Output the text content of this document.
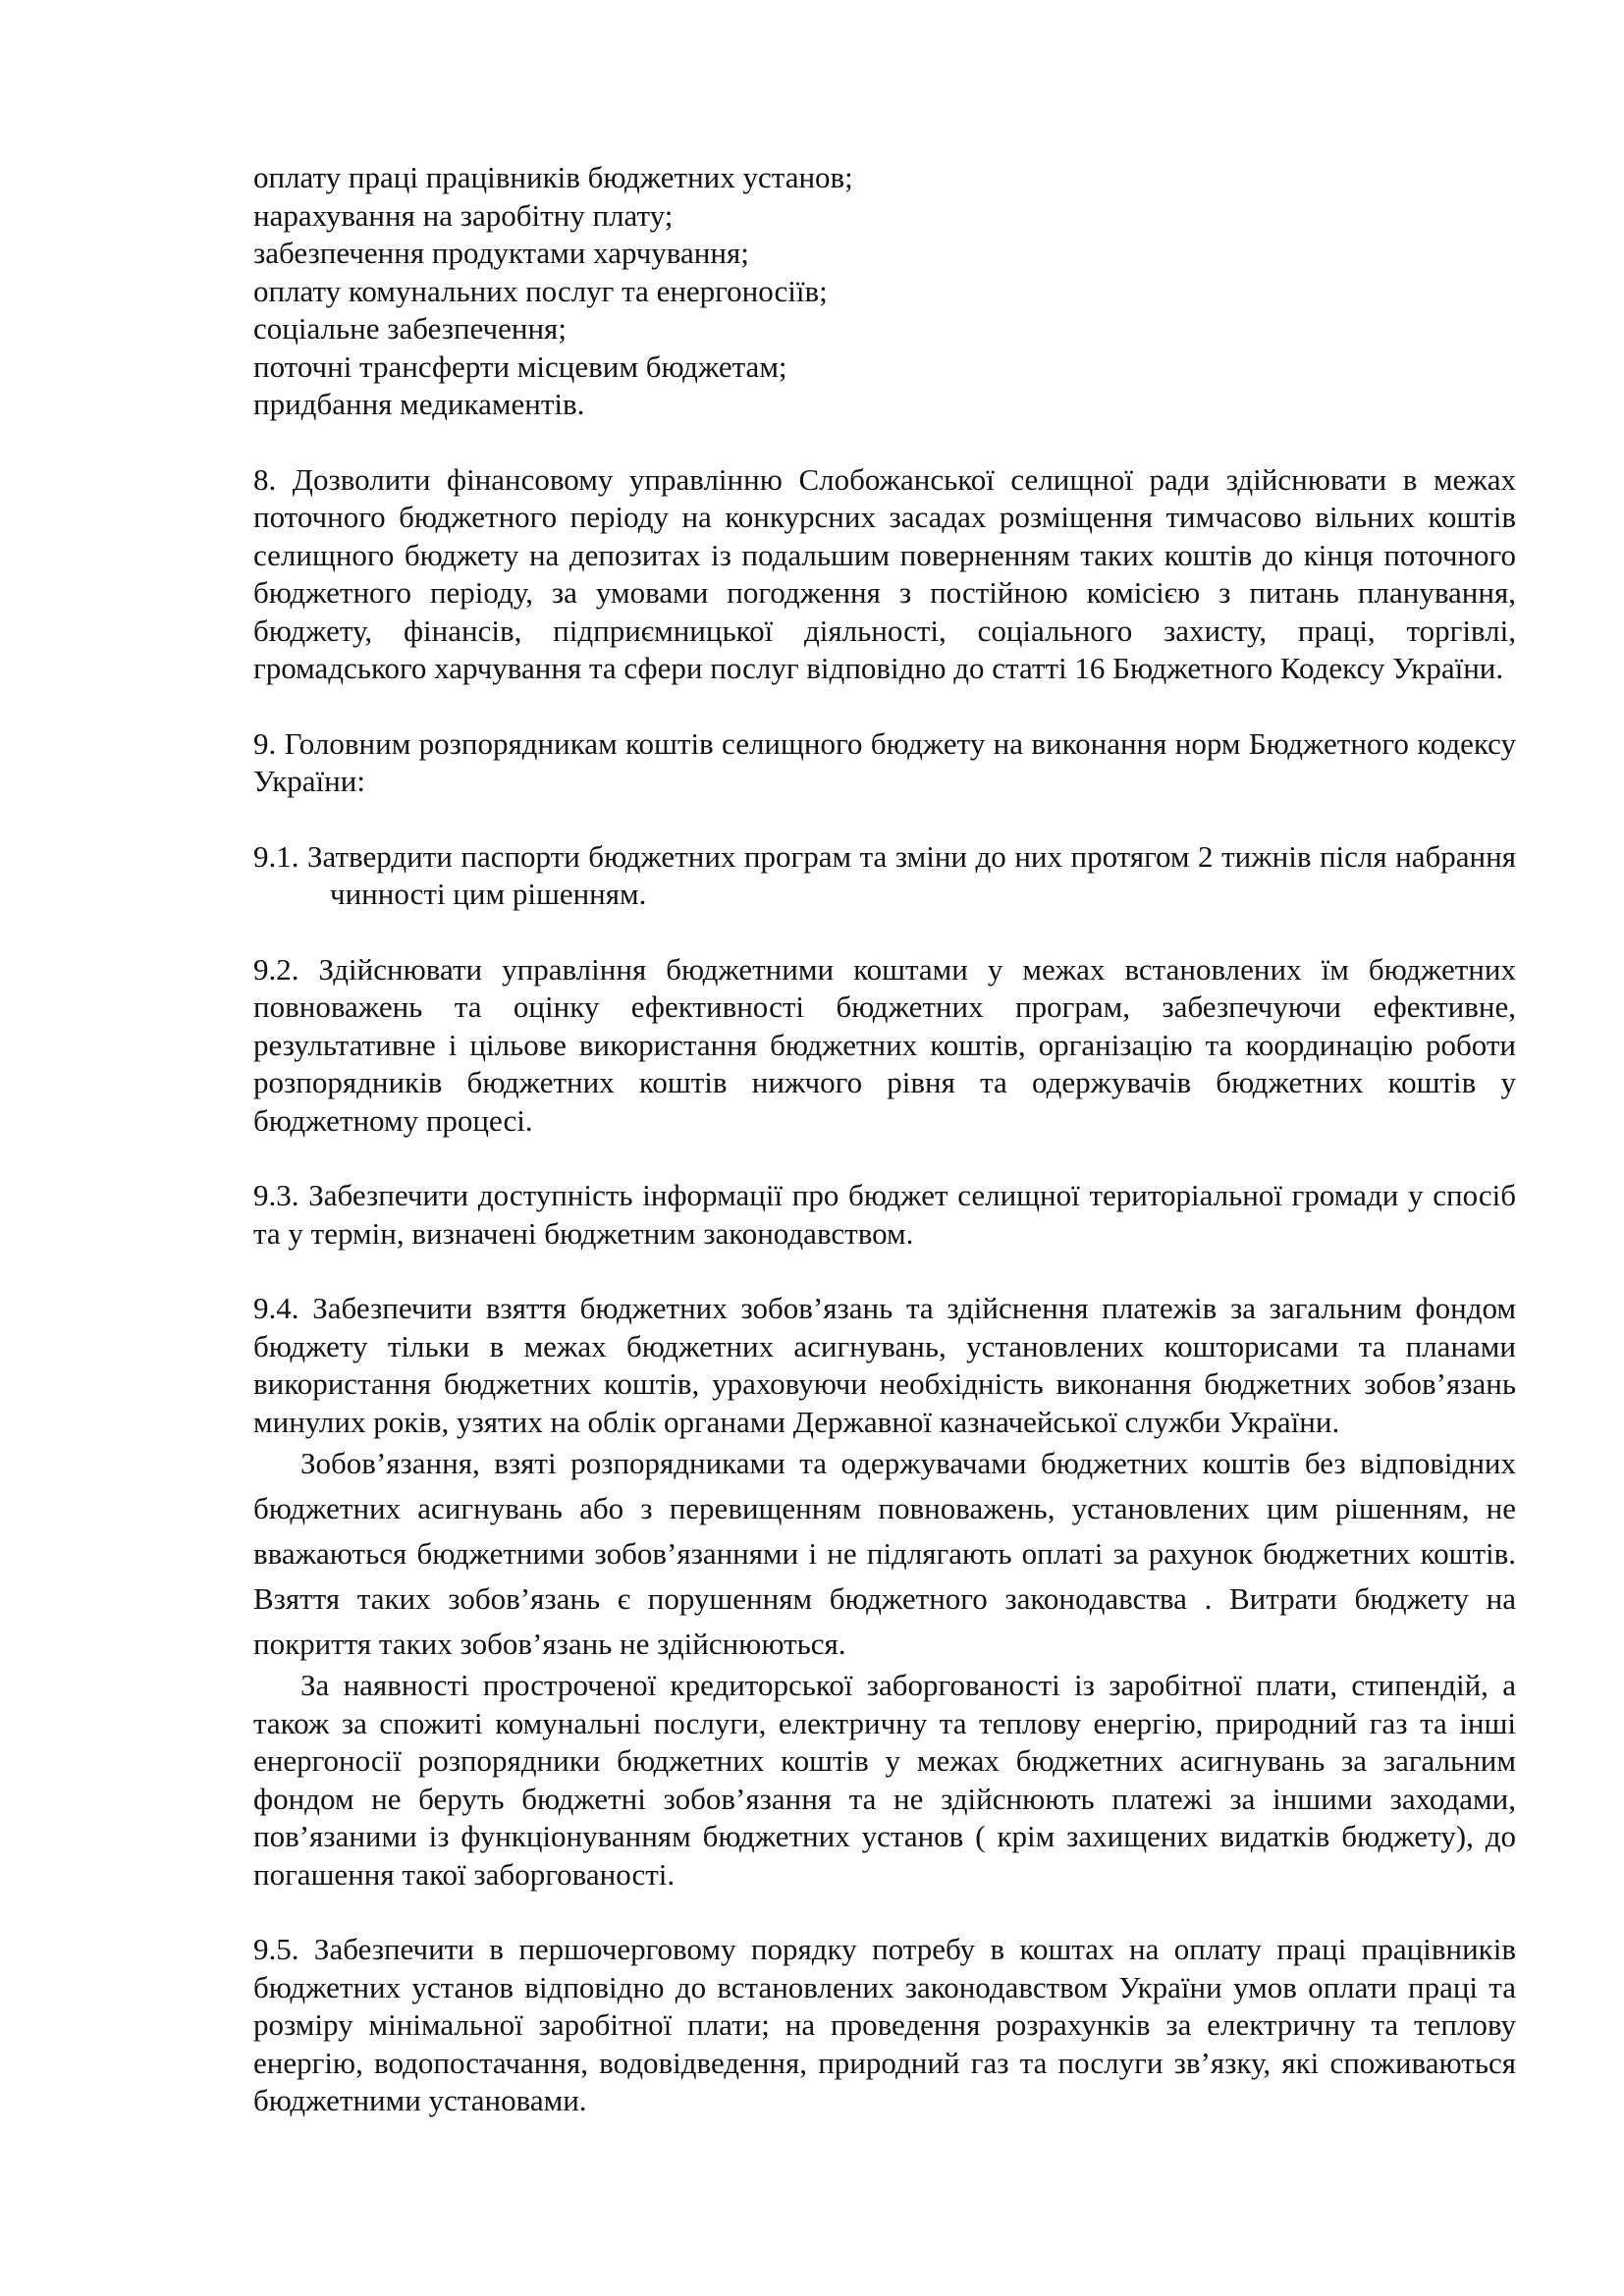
оплату праці працівників бюджетних установ;

нарахування на заробітну плату;

забезпечення продуктами харчування;

оплату комунальних послуг та енергоносіїв;

соціальне забезпечення;

поточні трансферти місцевим бюджетам;

придбання медикаментів.

8. Дозволити фінансовому управлінню Слобожанської селищної ради здійснювати в межах поточного бюджетного періоду на конкурсних засадах розміщення тимчасово вільних коштів селищного бюджету на депозитах із подальшим поверненням таких коштів до кінця поточного бюджетного періоду, за умовами погодження з постійною комісією з питань планування, бюджету, фінансів, підприємницької діяльності, соціального захисту, праці, торгівлі, громадського харчування та сфери послуг відповідно до статті 16 Бюджетного Кодексу України.

9. Головним розпорядникам коштів селищного бюджету на виконання норм Бюджетного кодексу України:

9.1. Затвердити паспорти бюджетних програм та зміни до них протягом 2 тижнів після набрання чинності цим рішенням.

9.2. Здійснювати управління бюджетними коштами у межах встановлених їм бюджетних повноважень та оцінку ефективності бюджетних програм, забезпечуючи ефективне, результативне і цільове використання бюджетних коштів, організацію та координацію роботи розпорядників бюджетних коштів нижчого рівня та одержувачів бюджетних коштів у бюджетному процесі.

9.3. Забезпечити доступність інформації про бюджет селищної територіальної громади у спосіб та у термін, визначені бюджетним законодавством.

9.4. Забезпечити взяття бюджетних зобов’язань та здійснення платежів за загальним фондом бюджету тільки в межах бюджетних асигнувань, установлених кошторисами та планами використання бюджетних коштів, ураховуючи необхідність виконання бюджетних зобов’язань минулих років, узятих на облік органами Державної казначейської служби України.

Зобов’язання, взяті розпорядниками та одержувачами бюджетних коштів без відповідних бюджетних асигнувань або з перевищенням повноважень, установлених цим рішенням, не вважаються бюджетними зобов’язаннями і не підлягають оплаті за рахунок бюджетних коштів. Взяття таких зобов’язань є порушенням бюджетного законодавства . Витрати бюджету на покриття таких зобов’язань не здійснюються.

За наявності простроченої кредиторської заборгованості із заробітної плати, стипендій, а також за спожиті комунальні послуги, електричну та теплову енергію, природний газ та інші енергоносії розпорядники бюджетних коштів у межах бюджетних асигнувань за загальним фондом не беруть бюджетні зобов’язання та не здійснюють платежі за іншими заходами, пов’язаними із функціонуванням бюджетних установ ( крім захищених видатків бюджету), до погашення такої заборгованості.

9.5. Забезпечити в першочерговому порядку потребу в коштах на оплату праці працівників бюджетних установ відповідно до встановлених законодавством України умов оплати праці та розміру мінімальної заробітної плати; на проведення розрахунків за електричну та теплову енергію, водопостачання, водовідведення, природний газ та послуги зв’язку, які споживаються бюджетними установами.
